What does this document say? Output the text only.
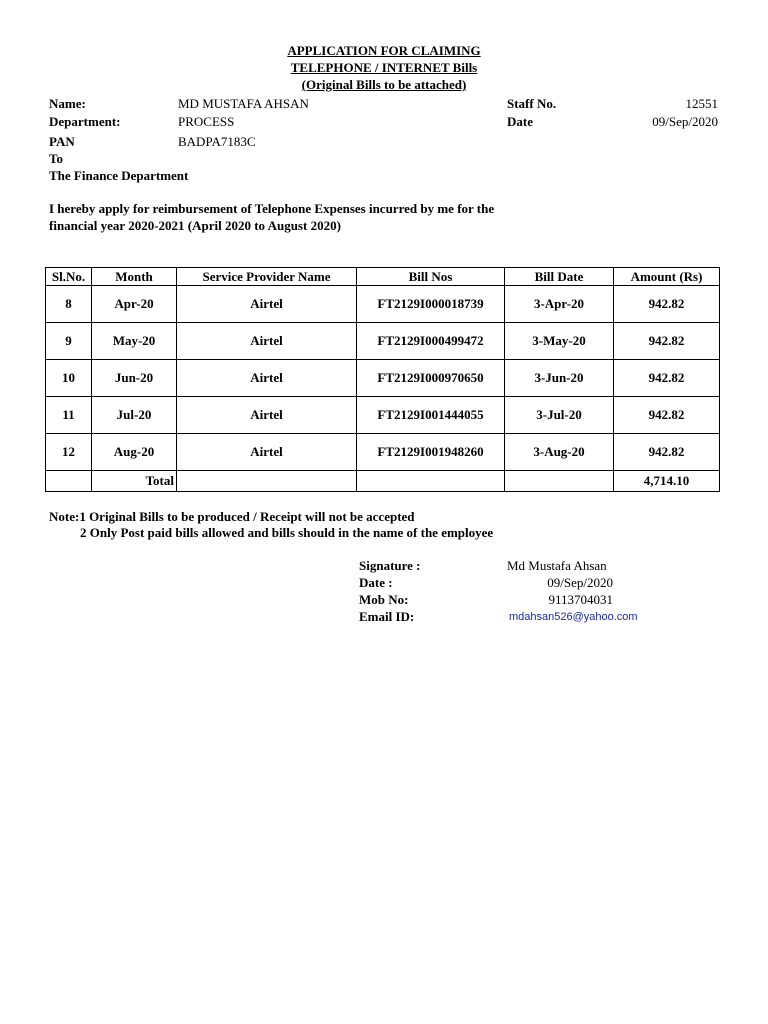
APPLICATION FOR CLAIMING
TELEPHONE / INTERNET Bills
(Original Bills to be attached)
Name:	MD MUSTAFA AHSAN
Department:	PROCESS
PAN	BADPA7183C
Staff No.	12551
Date	09/Sep/2020
To
The Finance Department
I hereby apply for reimbursement of Telephone Expenses incurred by me for the
financial year 2020-2021 (April 2020 to August 2020)
Sl.No.	Month	Service Provider Name	Bill Nos	Bill Date	Amount (Rs)
8	Apr-20	Airtel	FT2129I000018739	3-Apr-20	942.82
9	May-20	Airtel	FT2129I000499472	3-May-20	942.82
10	Jun-20	Airtel	FT2129I000970650	3-Jun-20	942.82
11	Jul-20	Airtel	FT2129I001444055	3-Jul-20	942.82
12	Aug-20	Airtel	FT2129I001948260	3-Aug-20	942.82
	Total				4,714.10
Note:1 Original Bills to be produced / Receipt will not be accepted
2 Only Post paid bills allowed and bills should in the name of the employee
Signature :	Md Mustafa Ahsan
Date :	09/Sep/2020
Mob No:	9113704031
Email ID:	mdahsan526@yahoo.com
